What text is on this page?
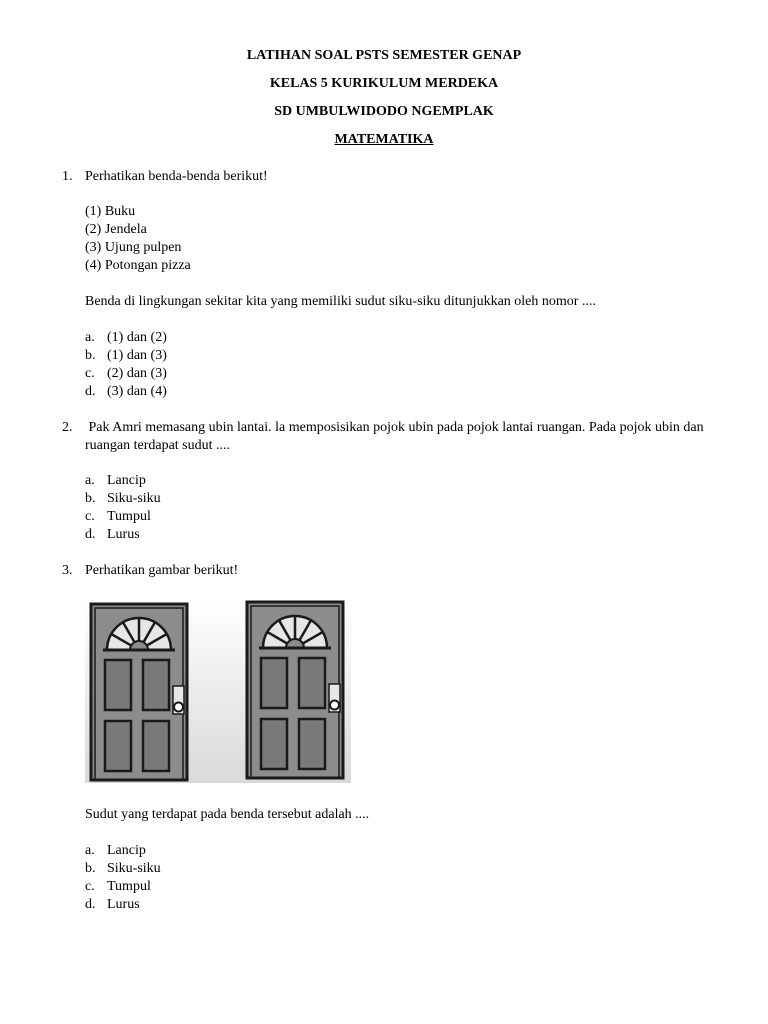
LATIHAN SOAL PSTS SEMESTER GENAP
KELAS 5 KURIKULUM MERDEKA
SD UMBULWIDODO NGEMPLAK
MATEMATIKA
1. Perhatikan benda-benda berikut!
(1) Buku
(2) Jendela
(3) Ujung pulpen
(4) Potongan pizza
Benda di lingkungan sekitar kita yang memiliki sudut siku-siku ditunjukkan oleh nomor ....
a. (1) dan (2)
b. (1) dan (3)
c. (2) dan (3)
d. (3) dan (4)
2. Pak Amri memasang ubin lantai. la memposisikan pojok ubin pada pojok lantai ruangan. Pada pojok ubin dan ruangan terdapat sudut ....
a. Lancip
b. Siku-siku
c. Tumpul
d. Lurus
3. Perhatikan gambar berikut!
Sudut yang terdapat pada benda tersebut adalah ....
a. Lancip
b. Siku-siku
c. Tumpul
d. Lurus
